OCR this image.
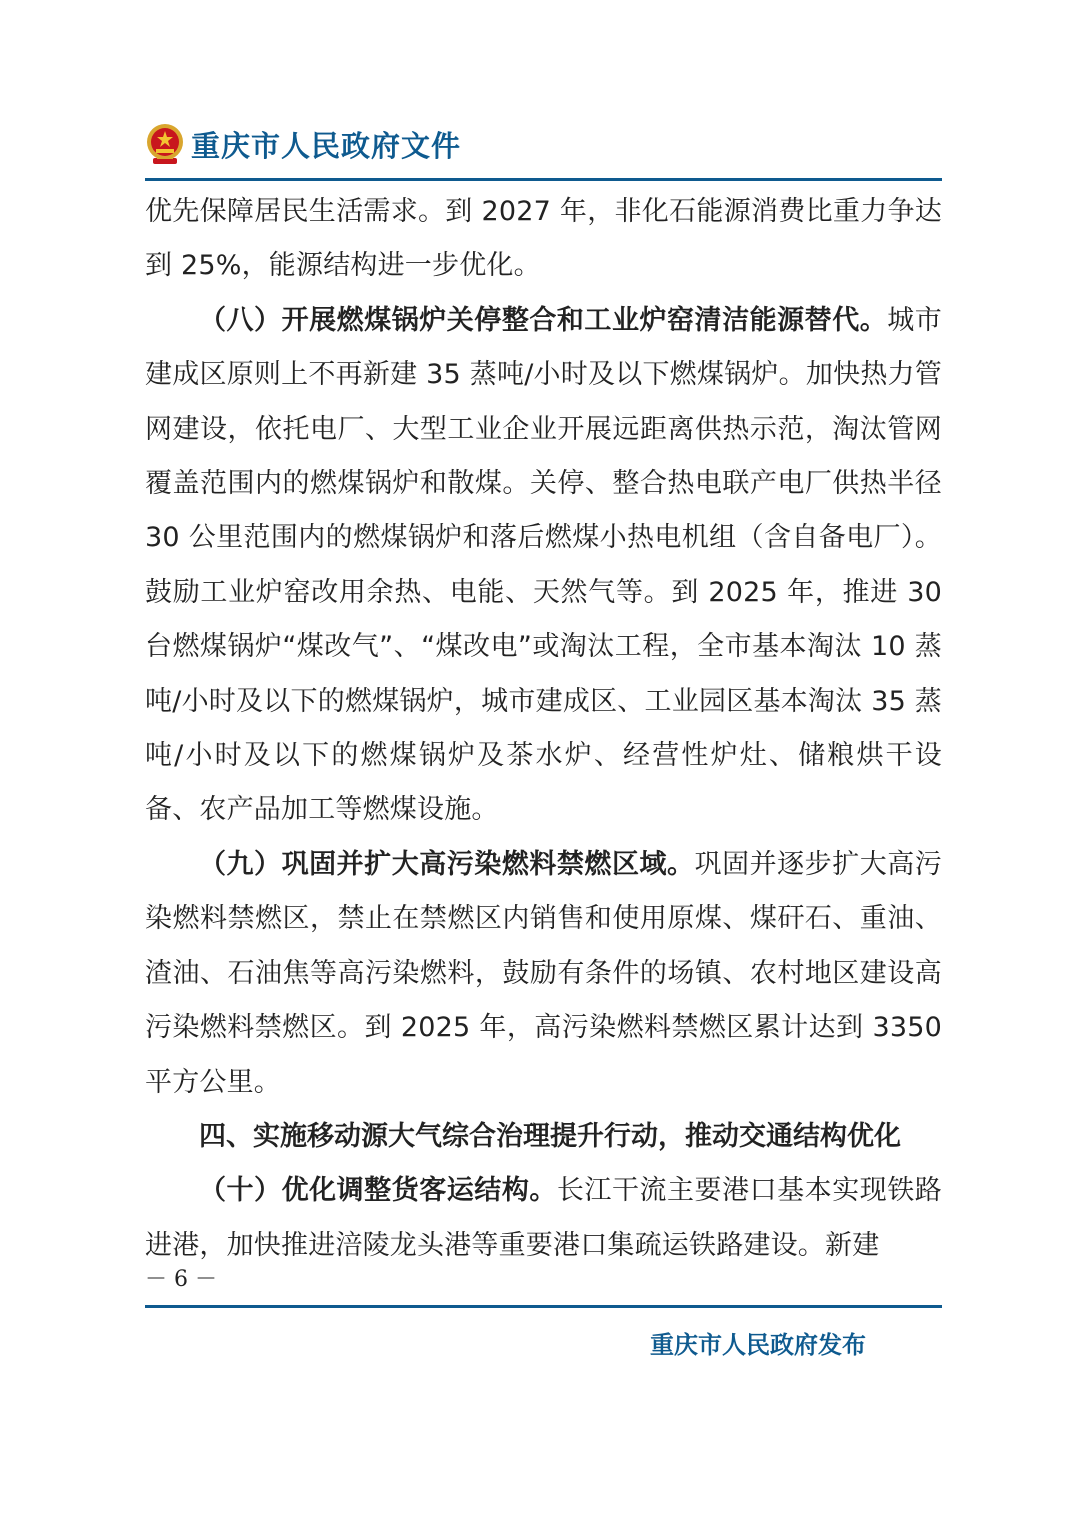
重庆市人民政府文件

优先保障居民生活需求。到 2027 年，非化石能源消费比重力争达到 25%，能源结构进一步优化。

（八）开展燃煤锅炉关停整合和工业炉窑清洁能源替代。城市建成区原则上不再新建 35 蒸吨/小时及以下燃煤锅炉。加快热力管网建设，依托电厂、大型工业企业开展远距离供热示范，淘汰管网覆盖范围内的燃煤锅炉和散煤。关停、整合热电联产电厂供热半径 30 公里范围内的燃煤锅炉和落后燃煤小热电机组（含自备电厂）。鼓励工业炉窑改用余热、电能、天然气等。到 2025 年，推进 30 台燃煤锅炉“煤改气”、“煤改电”或淘汰工程，全市基本淘汰 10 蒸吨/小时及以下的燃煤锅炉，城市建成区、工业园区基本淘汰 35 蒸吨/小时及以下的燃煤锅炉及茶水炉、经营性炉灶、储粮烘干设备、农产品加工等燃煤设施。

（九）巩固并扩大高污染燃料禁燃区域。巩固并逐步扩大高污染燃料禁燃区，禁止在禁燃区内销售和使用原煤、煤矸石、重油、渣油、石油焦等高污染燃料，鼓励有条件的场镇、农村地区建设高污染燃料禁燃区。到 2025 年，高污染燃料禁燃区累计达到 3350 平方公里。

四、实施移动源大气综合治理提升行动，推动交通结构优化

（十）优化调整货客运结构。长江干流主要港口基本实现铁路进港，加快推进涪陵龙头港等重要港口集疏运铁路建设。新建

－ 6 －
重庆市人民政府发布
